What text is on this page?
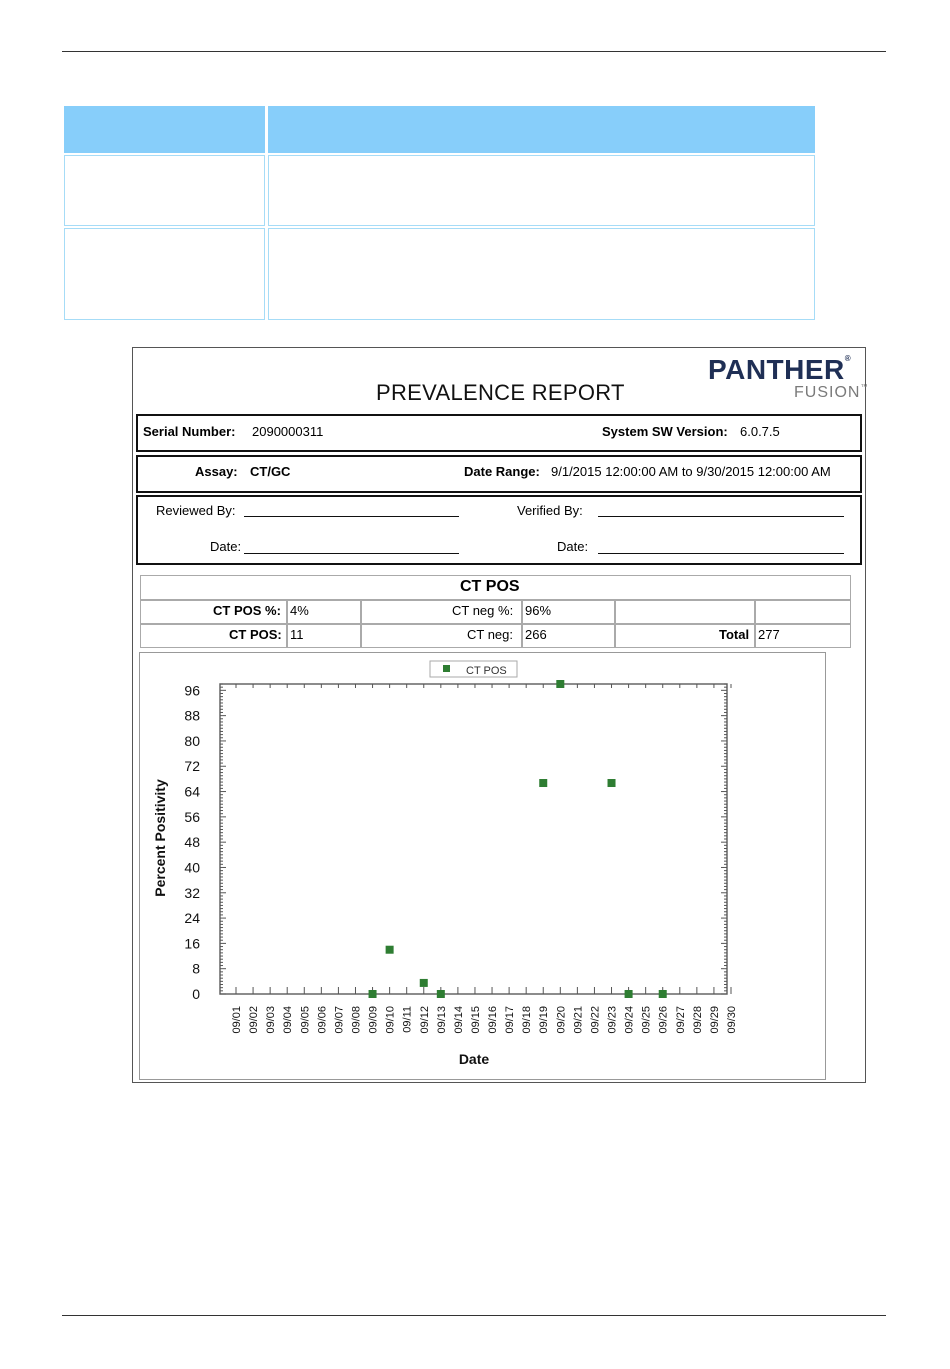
PANTHER®
FUSION™
PREVALENCE REPORT
Serial Number: 2090000311	System SW Version: 6.0.7.5
Assay: CT/GC	Date Range: 9/1/2015 12:00:00 AM to 9/30/2015 12:00:00 AM
Reviewed By:	Verified By:
Date:	Date:
CT POS
CT POS %: 4%	CT neg %: 96%
CT POS: 11	CT neg: 266	Total 277
CT POS
Percent Positivity
Date
0
8
16
24
32
40
48
56
64
72
80
88
96
09/01 09/02 09/03 09/04 09/05 09/06 09/07 09/08 09/09 09/10 09/11 09/12 09/13 09/14 09/15 09/16 09/17 09/18 09/19 09/20 09/21 09/22 09/23 09/24 09/25 09/26 09/27 09/28 09/29 09/30
